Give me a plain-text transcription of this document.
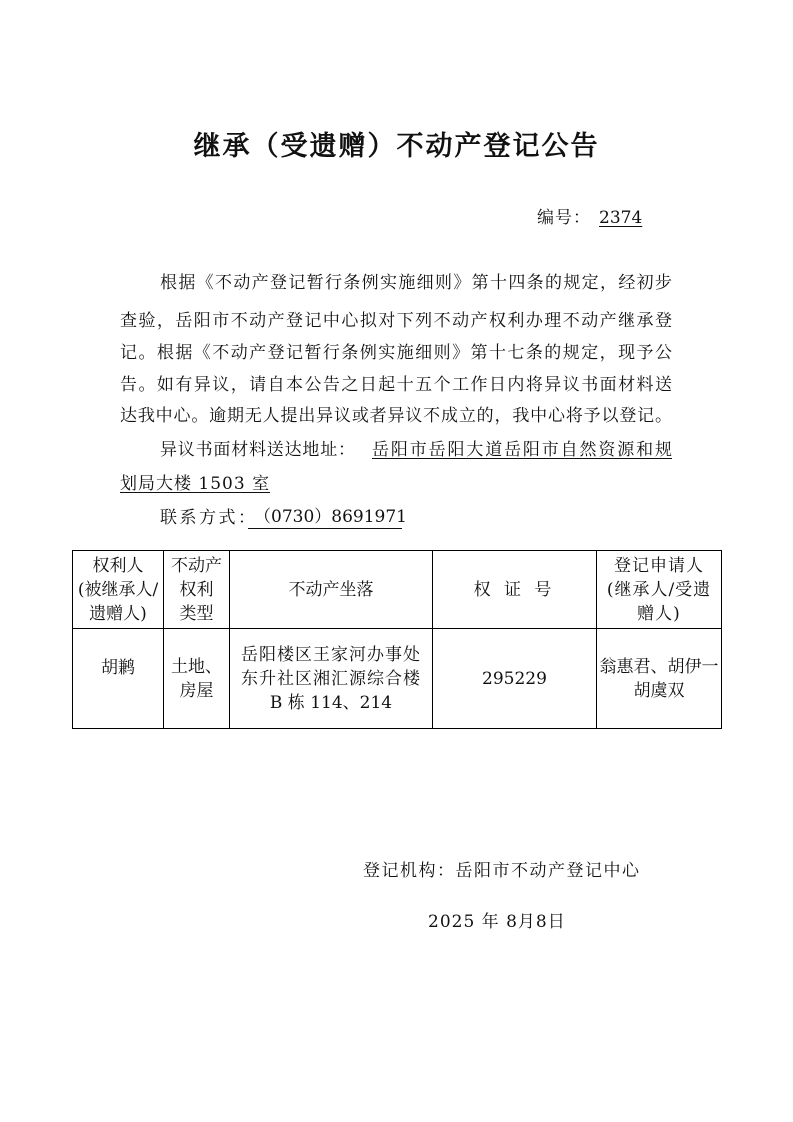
继承（受遗赠）不动产登记公告
编号： 2374
根据《不动产登记暂行条例实施细则》第十四条的规定，经初步
查验，岳阳市不动产登记中心拟对下列不动产权利办理不动产继承登
记。根据《不动产登记暂行条例实施细则》第十七条的规定，现予公
告。如有异议，请自本公告之日起十五个工作日内将异议书面材料送
达我中心。逾期无人提出异议或者异议不成立的，我中心将予以登记。
异议书面材料送达地址： 岳阳市岳阳大道岳阳市自然资源和规
划局大楼 1503 室
联系方式：
（0730）8691971
权利人
(被继承人/
遗赠人)	不动产
权利
类型	不动产坐落	权 证 号	登记申请人
(继承人/受遗
赠人)

胡鹣	土地、
房屋	岳阳楼区王家河办事处
东升社区湘汇源综合楼
B 栋 114、214	295229	翁惠君、胡伊一
胡虞双
登记机构：岳阳市不动产登记中心
2025 年 8月8日
